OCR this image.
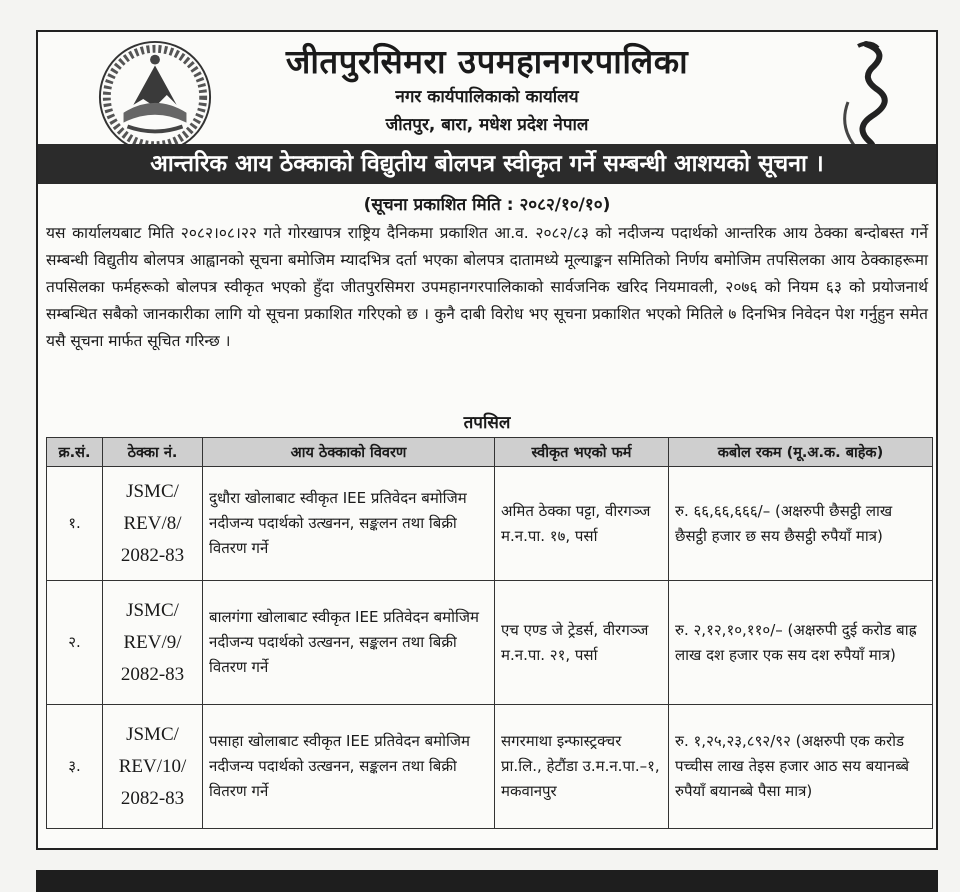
जीतपुरसिमरा उपमहानगरपालिका
नगर कार्यपालिकाको कार्यालय
जीतपुर, बारा, मधेश प्रदेश नेपाल
आन्तरिक आय ठेक्काको विद्युतीय बोलपत्र स्वीकृत गर्ने सम्बन्धी आशयको सूचना ।
(सूचना प्रकाशित मिति : २०८२/१०/१०)
यस कार्यालयबाट मिति २०८२।०८।२२ गते गोरखापत्र राष्ट्रिय दैनिकमा प्रकाशित आ.व. २०८२/८३ को नदीजन्य पदार्थको आन्तरिक आय ठेक्का बन्दोबस्त गर्ने सम्बन्धी विद्युतीय बोलपत्र आह्वानको सूचना बमोजिम म्यादभित्र दर्ता भएका बोलपत्र दातामध्ये मूल्याङ्कन समितिको निर्णय बमोजिम तपसिलका आय ठेक्काहरूमा तपसिलका फर्महरूको बोलपत्र स्वीकृत भएको हुँदा जीतपुरसिमरा उपमहानगरपालिकाको सार्वजनिक खरिद नियमावली, २०७६ को नियम ६३ को प्रयोजनार्थ सम्बन्धित सबैको जानकारीका लागि यो सूचना प्रकाशित गरिएको छ । कुनै दाबी विरोध भए सूचना प्रकाशित भएको मितिले ७ दिनभित्र निवेदन पेश गर्नुहुन समेत यसै सूचना मार्फत सूचित गरिन्छ ।
तपसिल
क्र.सं.	ठेक्का नं.	आय ठेक्काको विवरण	स्वीकृत भएको फर्म	कबोल रकम (मू.अ.क. बाहेक)
१.	JSMC/ REV/8/ 2082-83	दुधौरा खोलाबाट स्वीकृत IEE प्रतिवेदन बमोजिम नदीजन्य पदार्थको उत्खनन, सङ्कलन तथा बिक्री वितरण गर्ने	अमित ठेक्का पट्टा, वीरगञ्ज म.न.पा. १७, पर्सा	रु. ६६,६६,६६६/– (अक्षरुपी छैसट्ठी लाख छैसट्ठी हजार छ सय छैसट्ठी रुपैयाँ मात्र)
२.	JSMC/ REV/9/ 2082-83	बालगंगा खोलाबाट स्वीकृत IEE प्रतिवेदन बमोजिम नदीजन्य पदार्थको उत्खनन, सङ्कलन तथा बिक्री वितरण गर्ने	एच एण्ड जे ट्रेडर्स, वीरगञ्ज म.न.पा. २१, पर्सा	रु. २,१२,१०,११०/– (अक्षरुपी दुई करोड बाह्र लाख दश हजार एक सय दश रुपैयाँ मात्र)
३.	JSMC/ REV/10/ 2082-83	पसाहा खोलाबाट स्वीकृत IEE प्रतिवेदन बमोजिम नदीजन्य पदार्थको उत्खनन, सङ्कलन तथा बिक्री वितरण गर्ने	सगरमाथा इन्फास्ट्रक्चर प्रा.लि., हेटौंडा उ.म.न.पा.–१, मकवानपुर	रु. १,२५,२३,८९२/९२ (अक्षरुपी एक करोड पच्चीस लाख तेइस हजार आठ सय बयानब्बे रुपैयाँ बयानब्बे पैसा मात्र)
